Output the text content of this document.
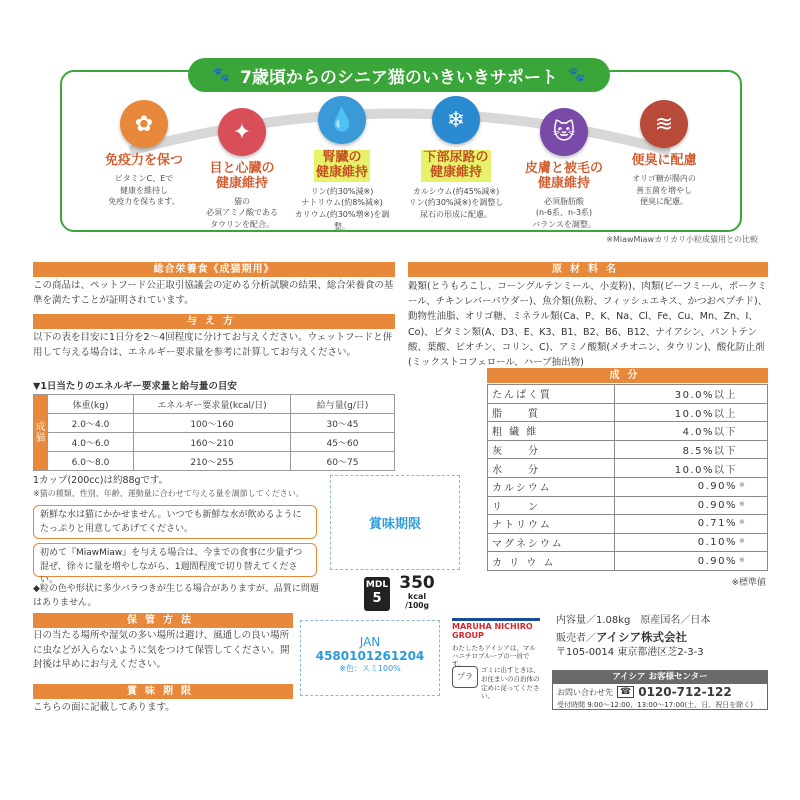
🐾 7歳頃からのシニア猫のいきいきサポート 🐾
✿
免疫力を保つ
ビタミンC、Eで
健康を維持し
免疫力を保ちます。
✦
目と心臓の
健康維持
猫の
必須アミノ酸である
タウリンを配合。
💧
腎臓の
健康維持
リン(約30%減※)
ナトリウム(約8%減※)
カリウム(約30%増※)を調整。
❄
下部尿路の
健康維持
カルシウム(約45%減※)
リン(約30%減※)を調整し
尿石の形成に配慮。
🐱
皮膚と被毛の
健康維持
必須脂肪酸
(n-6系、n-3系)
バランスを調整。
≋
便臭に配慮
オリゴ糖が腸内の
善玉菌を増やし
便臭に配慮。
※MiawMiawカリカリ小粒成猫用との比較
総合栄養食《成猫期用》
この商品は、ペットフード公正取引協議会の定める分析試験の結果、総合栄養食の基準を満たすことが証明されています。
与え方
以下の表を目安に1日分を2～4回程度に分けてお与えください。ウェットフードと併用して与える場合は、エネルギー要求量を参考に計算してお与えください。
▼1日当たりのエネルギー要求量と給与量の目安
成猫	体重(kg)	エネルギー要求量(kcal/日)	給与量(g/日)
	2.0～4.0	100～160	30～45
	4.0～6.0	160～210	45～60
	6.0～8.0	210～255	60～75
1カップ(200cc)は約88gです。
※猫の種類、性別、年齢、運動量に合わせて与える量を調節してください。
新鮮な水は猫にかかせません。いつでも新鮮な水が飲めるようにたっぷりと用意してあげてください。
初めて『MiawMiaw』を与える場合は、今までの食事に少量ずつ混ぜ、徐々に量を増やしながら、1週間程度で切り替えてください。
◆粒の色や形状に多少バラつきが生じる場合がありますが、品質に問題はありません。
保管方法
日の当たる場所や湿気の多い場所は避け、風通しの良い場所に虫などが入らないように気をつけて保管してください。開封後は早めにお与えください。
賞味期限
こちらの面に記載してあります。
賞味期限
MDL
5
350
kcal
/100g
JAN
4580101261204
※色：スミ100%
MARUHA NICHIRO GROUP
わたしたちアイシアは、マルハニチロブループの一員です。
プラ
ゴミに出すときは、お住まいの自治体の定めに従ってください。
原材料名
穀類(とうもろこし、コーングルテンミール、小麦粉)、肉類(ビーフミール、ポークミール、チキンレバーパウダー)、魚介類(魚粉、フィッシュエキス、かつおペプチド)、動物性油脂、オリゴ糖、ミネラル類(Ca、P、K、Na、Cl、Fe、Cu、Mn、Zn、I、Co)、ビタミン類(A、D3、E、K3、B1、B2、B6、B12、ナイアシン、パントテン酸、葉酸、ビオチン、コリン、C)、アミノ酸類(メチオニン、タウリン)、酸化防止剤(ミックストコフェロール、ハーブ抽出物)
成分
たんぱく質	30.0%以上

脂　　質	10.0%以上

粗 繊 維	4.0%以下

灰　　分	8.5%以下

水　　分	10.0%以下

カルシウム	0.90% ※

リ　　ン	0.90% ※

ナトリウム	0.71% ※

マグネシウム	0.10% ※

カ リ ウ ム	0.90% ※
※標準値
内容量／1.08kg　原産国名／日本
販売者／アイシア株式会社
〒105-0014 東京都港区芝2-3-3
アイシア お客様センター
お問い合わせ先 ☎ 0120-712-122
受付時間 9:00～12:00、13:00～17:00(土、日、祝日を除く)
